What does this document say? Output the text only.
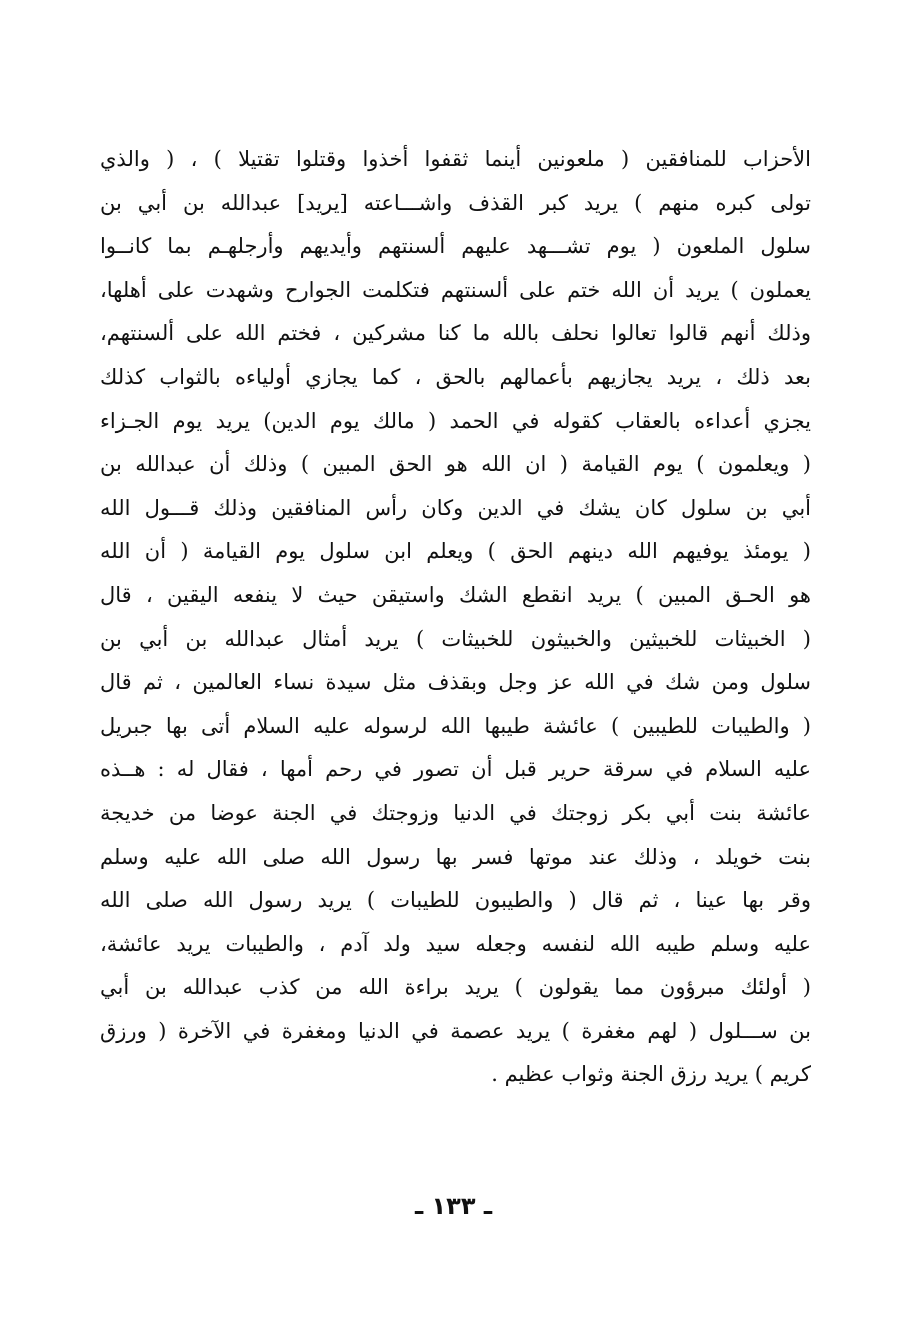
الأحزاب للمنافقين ( ملعونين أينما ثقفوا أخذوا وقتلوا تقتيلا ) ، ( والذي
تولى كبره منهم ) يريد كبر القذف واشـــاعته [يريد] عبدالله بن أبي بن
سلول الملعون ( يوم تشـــهد عليهم ألسنتهم وأيديهم وأرجلهـم بما كانــوا
يعملون ) يريد أن الله ختم على ألسنتهم فتكلمت الجوارح وشهدت على أهلها،
وذلك أنهم قالوا تعالوا نحلف بالله ما كنا مشركين ، فختم الله على ألسنتهم،
بعد ذلك ، يريد يجازيهم بأعمالهم بالحق ، كما يجازي أولياءه بالثواب كذلك
يجزي أعداءه بالعقاب كقوله في الحمد ( مالك يوم الدين) يريد يوم الجـزاء
( ويعلمون ) يوم القيامة ( ان الله هو الحق المبين ) وذلك أن عبدالله بن
أبي بن سلول كان يشك في الدين وكان رأس المنافقين وذلك قـــول الله
( يومئذ يوفيهم الله دينهم الحق ) ويعلم ابن سلول يوم القيامة ( أن الله
هو الحـق المبين ) يريد انقطع الشك واستيقن حيث لا ينفعه اليقين ، قال
( الخبيثات للخبيثين والخبيثون للخبيثات ) يريد أمثال عبدالله بن أبي بن
سلول ومن شك في الله عز وجل وبقذف مثل سيدة نساء العالمين ، ثم قال
( والطيبات للطيبين ) عائشة طيبها الله لرسوله عليه السلام أتى بها جبريل
عليه السلام في سرقة حرير قبل أن تصور في رحم أمها ، فقال له : هــذه
عائشة بنت أبي بكر زوجتك في الدنيا وزوجتك في الجنة عوضا من خديجة
بنت خويلد ، وذلك عند موتها فسر بها رسول الله صلى الله عليه وسلم
وقر بها عينا ، ثم قال ( والطيبون للطيبات ) يريد رسول الله صلى الله
عليه وسلم طيبه الله لنفسه وجعله سيد ولد آدم ، والطيبات يريد عائشة،
( أولئك مبرؤون مما يقولون ) يريد براءة الله من كذب عبدالله بن أبي
بن ســـلول ( لهم مغفرة ) يريد عصمة في الدنيا ومغفرة في الآخرة ( ورزق
كريم ) يريد رزق الجنة وثواب عظيم .
ـ ١٣٣ ـ
